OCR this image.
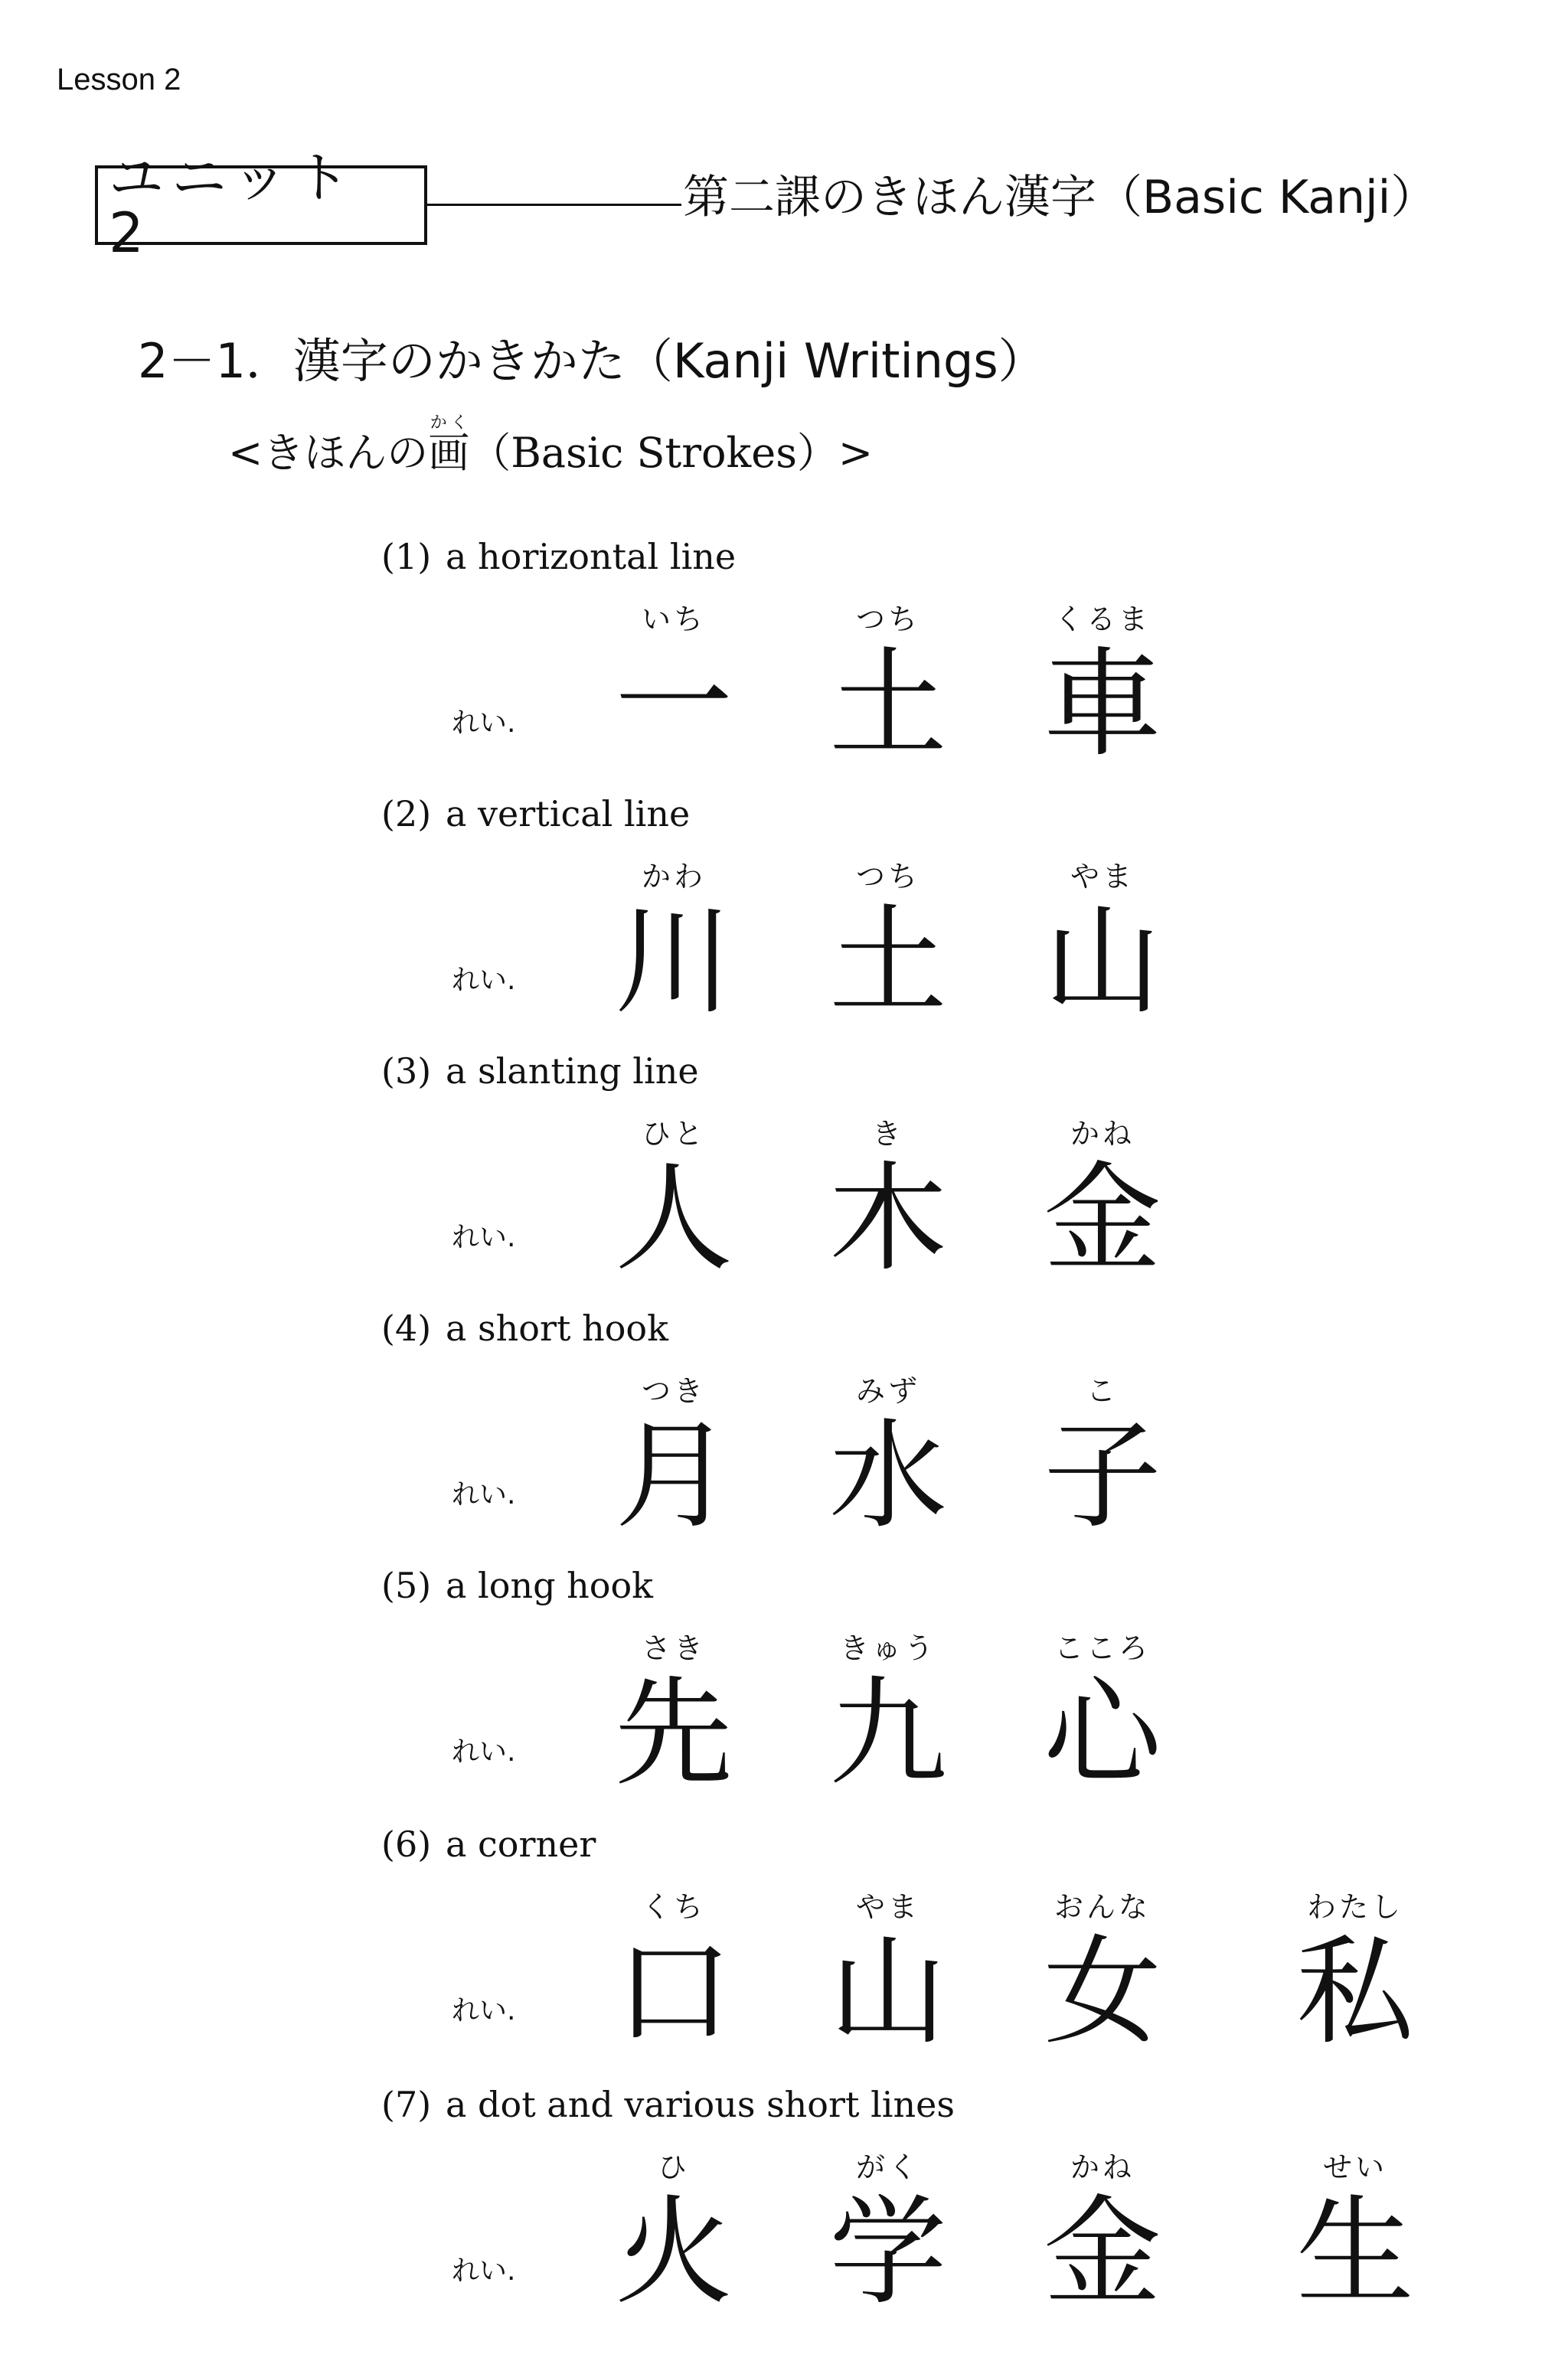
Lesson 2
ユニット 2
第二課のきほん漢字（Basic Kanji）
2－1．漢字のかきかた（Kanji Writings）
<きほんの画かく（Basic Strokes）>
(1) a horizontal line
れい.
いち
一
つち
土
くるま
車
(2) a vertical line
れい.
かわ
川
つち
土
やま
山
(3) a slanting line
れい.
ひと
人
き
木
かね
金
(4) a short hook
れい.
つき
月
みず
水
こ
子
(5) a long hook
れい.
さき
先
きゅう
九
こころ
心
(6) a corner
れい.
くち
口
やま
山
おんな
女
わたし
私
(7) a dot and various short lines
れい.
ひ
火
がく
学
かね
金
せい
生
